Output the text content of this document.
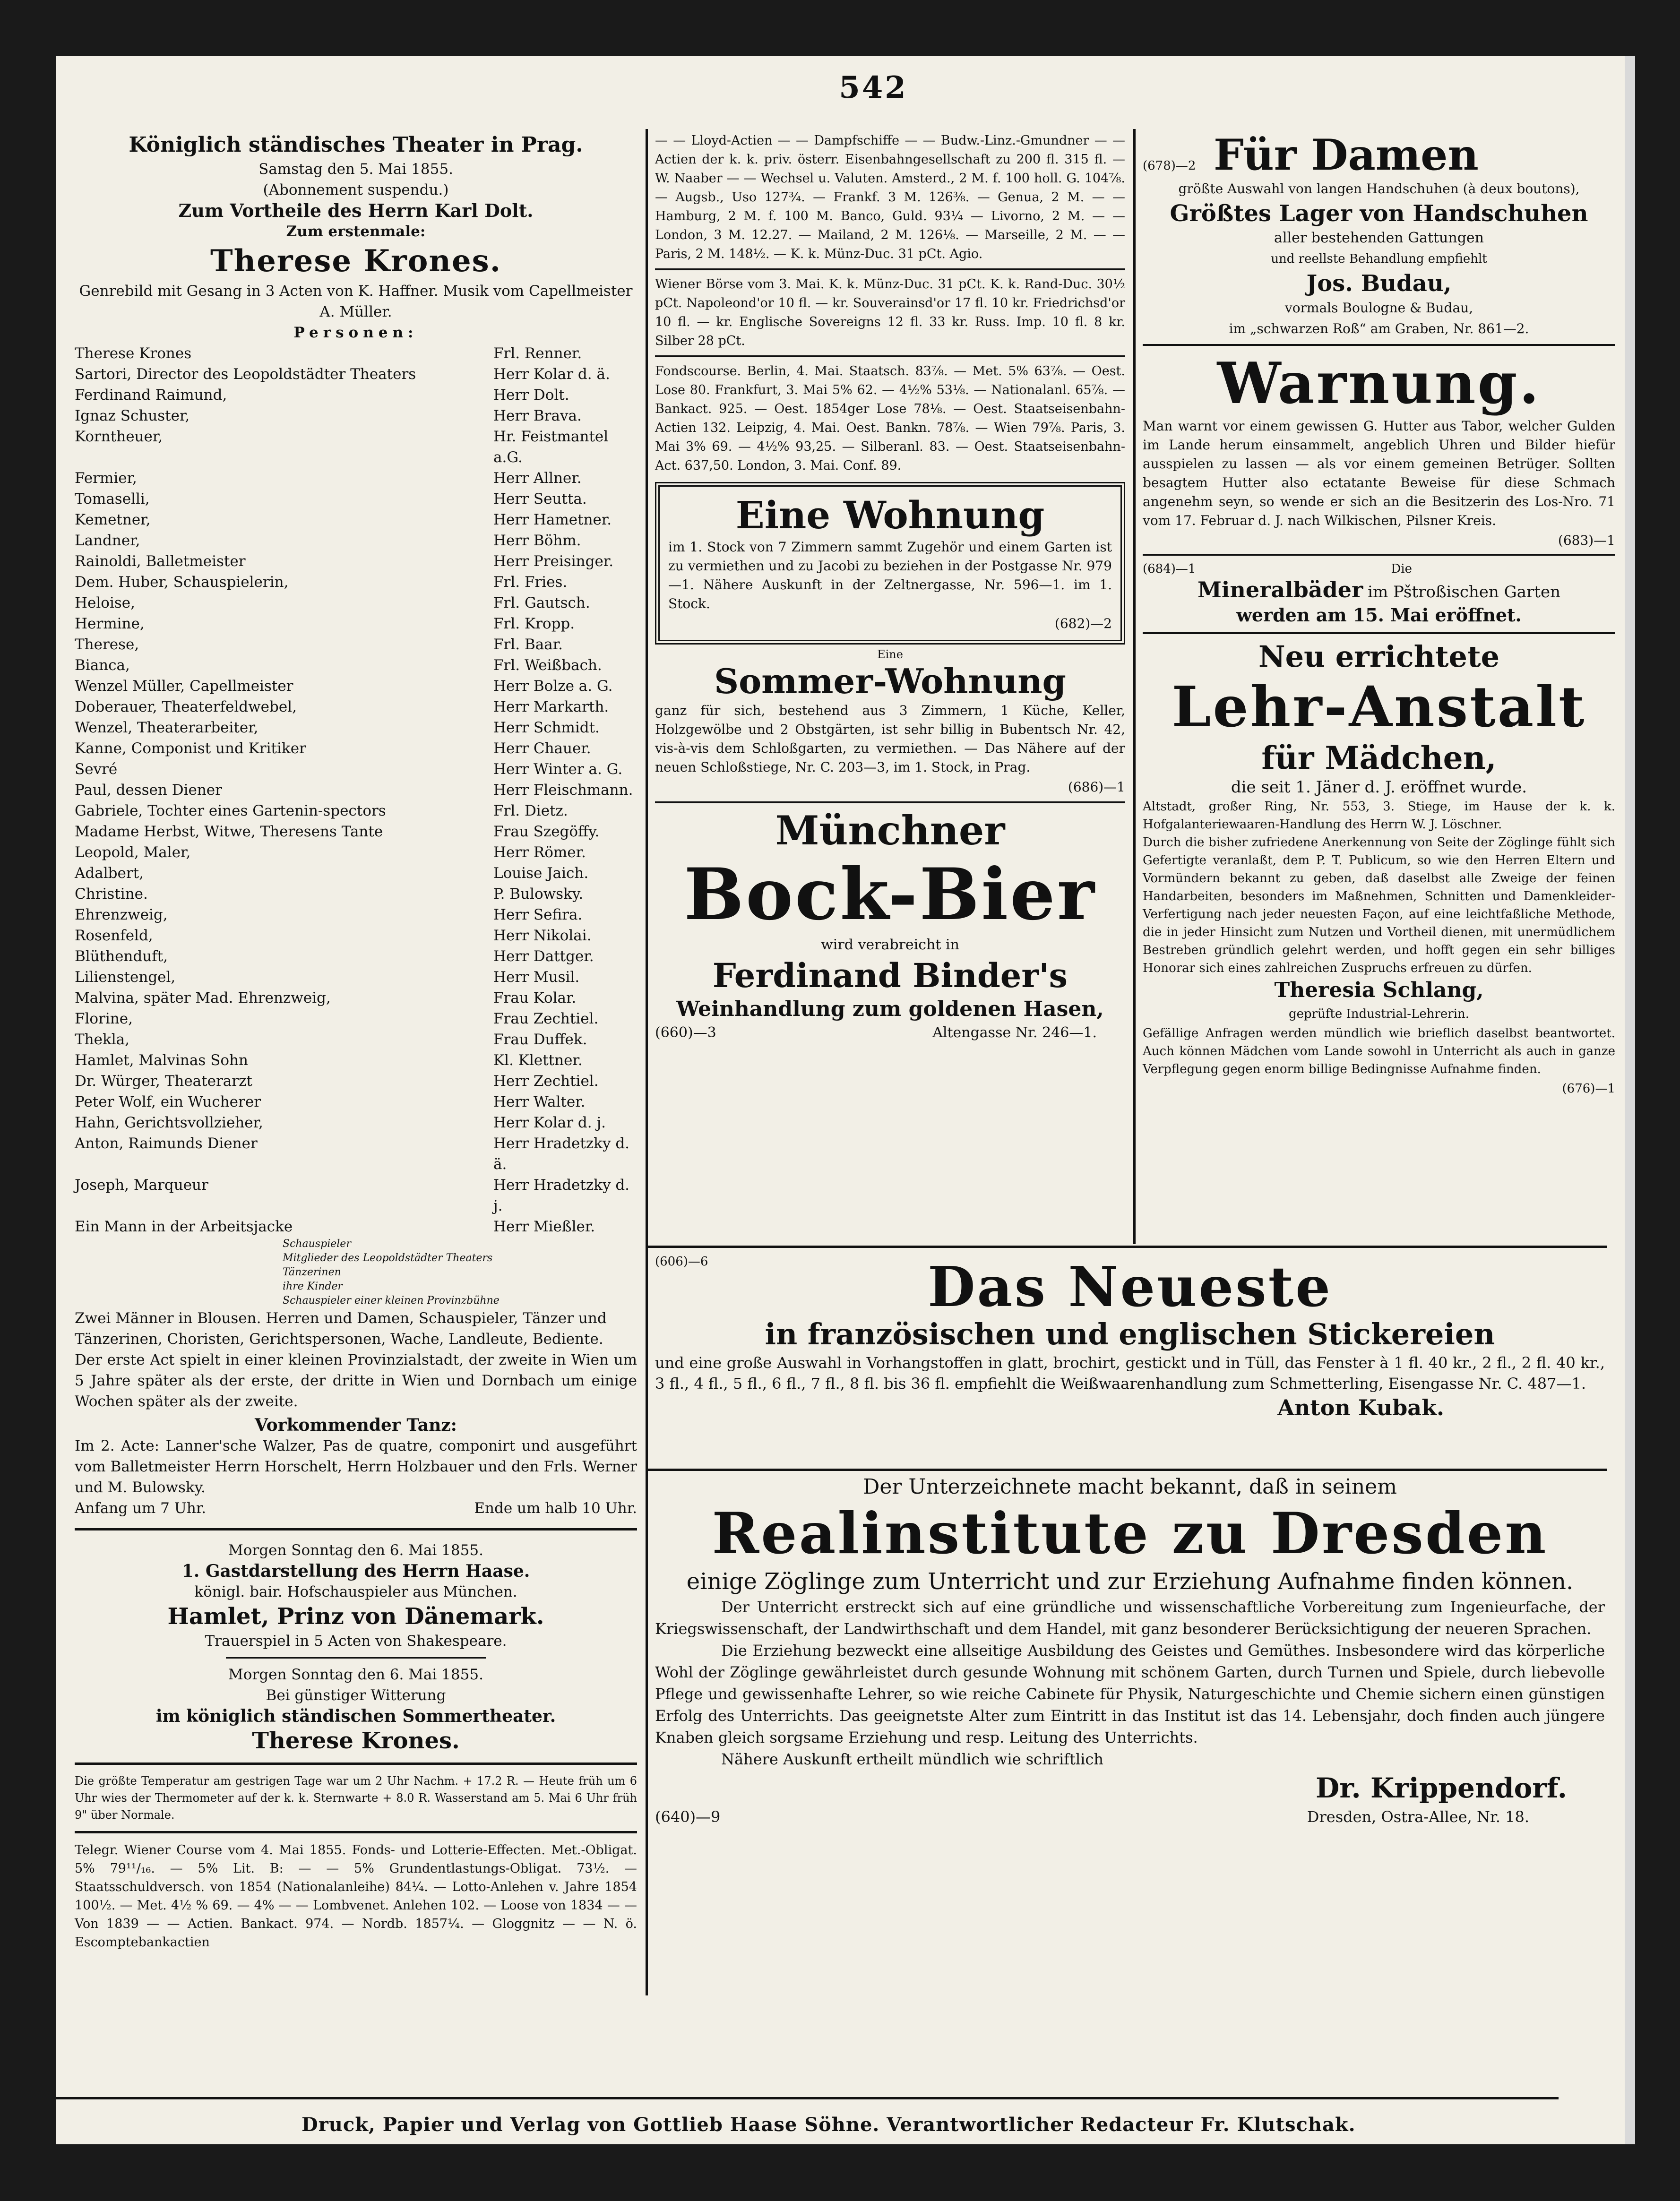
542
Königlich ständisches Theater in Prag.
Samstag den 5. Mai 1855.
(Abonnement suspendu.)
Zum Vortheile des Herrn Karl Dolt.
Zum erstenmale:
Therese Krones.
Genrebild mit Gesang in 3 Acten von K. Haffner. Musik vom Capellmeister A. Müller.
Personen:
Therese Krones	Frl. Renner.
Sartori, Director des Leopoldstädter Theaters	Herr Kolar d. ä.
Ferdinand Raimund,	Herr Dolt.
Ignaz Schuster,	Herr Brava.
Korntheuer,	Hr. Feistmantel a.G.
Fermier,	Herr Allner.
Tomaselli,	Herr Seutta.
Kemetner,	Herr Hametner.
Landner,	Herr Böhm.
Rainoldi, Balletmeister	Herr Preisinger.
Dem. Huber, Schauspielerin,	Frl. Fries.
Heloise,	Frl. Gautsch.
Hermine,	Frl. Kropp.
Therese,	Frl. Baar.
Bianca,	Frl. Weißbach.
Wenzel Müller, Capellmeister	Herr Bolze a. G.
Doberauer, Theaterfeldwebel,	Herr Markarth.
Wenzel, Theaterarbeiter,	Herr Schmidt.
Kanne, Componist und Kritiker	Herr Chauer.
Sevré	Herr Winter a. G.
Paul, dessen Diener	Herr Fleischmann.
Gabriele, Tochter eines Gartenin-spectors	Frl. Dietz.
Madame Herbst, Witwe, Theresens Tante	Frau Szegöffy.
Leopold, Maler,	Herr Römer.
Adalbert,	Louise Jaich.
Christine.	P. Bulowsky.
Ehrenzweig,	Herr Sefira.
Rosenfeld,	Herr Nikolai.
Blüthenduft,	Herr Dattger.
Lilienstengel,	Herr Musil.
Malvina, später Mad. Ehrenzweig,	Frau Kolar.
Florine,	Frau Zechtiel.
Thekla,	Frau Duffek.
Hamlet, Malvinas Sohn	Kl. Klettner.
Dr. Würger, Theaterarzt	Herr Zechtiel.
Peter Wolf, ein Wucherer	Herr Walter.
Hahn, Gerichtsvollzieher,	Herr Kolar d. j.
Anton, Raimunds Diener	Herr Hradetzky d. ä.
Joseph, Marqueur	Herr Hradetzky d. j.
Ein Mann in der Arbeitsjacke	Herr Mießler.
Schauspieler
Mitglieder des Leopoldstädter Theaters
Tänzerinen
ihre Kinder
Schauspieler einer kleinen Provinzbühne
Zwei Männer in Blousen. Herren und Damen, Schauspieler, Tänzer und Tänzerinen, Choristen, Gerichtspersonen, Wache, Landleute, Bediente.
Der erste Act spielt in einer kleinen Provinzialstadt, der zweite in Wien um 5 Jahre später als der erste, der dritte in Wien und Dornbach um einige Wochen später als der zweite.
Vorkommender Tanz:
Im 2. Acte: Lanner'sche Walzer, Pas de quatre, componirt und ausgeführt vom Balletmeister Herrn Horschelt, Herrn Holzbauer und den Frls. Werner und M. Bulowsky.
Anfang um 7 Uhr.	Ende um halb 10 Uhr.
Morgen Sonntag den 6. Mai 1855.
1. Gastdarstellung des Herrn Haase.
königl. bair. Hofschauspieler aus München.
Hamlet, Prinz von Dänemark.
Trauerspiel in 5 Acten von Shakespeare.
Morgen Sonntag den 6. Mai 1855.
Bei günstiger Witterung
im königlich ständischen Sommertheater.
Therese Krones.
Die größte Temperatur am gestrigen Tage war um 2 Uhr Nachm. + 17.2 R. — Heute früh um 6 Uhr wies der Thermometer auf der k. k. Sternwarte + 8.0 R. Wasserstand am 5. Mai 6 Uhr früh 9" über Normale.
Telegr. Wiener Course vom 4. Mai 1855. Fonds- und Lotterie-Effecten. Met.-Obligat. 5% 79¹¹/₁₆. — 5% Lit. B: — — 5% Grundentlastungs-Obligat. 73½. — Staatsschuldversch. von 1854 (Nationalanleihe) 84¼. — Lotto-Anlehen v. Jahre 1854 100½. — Met. 4½ % 69. — 4% — — Lombvenet. Anlehen 102. — Loose von 1834 — — Von 1839 — — Actien. Bankact. 974. — Nordb. 1857¼. — Gloggnitz — — N. ö. Escomptebankactien
— — Lloyd-Actien — — Dampfschiffe — — Budw.-Linz.-Gmundner — — Actien der k. k. priv. österr. Eisenbahngesellschaft zu 200 fl. 315 fl. — W. Naaber — — Wechsel u. Valuten. Amsterd., 2 M. f. 100 holl. G. 104⅞. — Augsb., Uso 127¾. — Frankf. 3 M. 126⅜. — Genua, 2 M. — — Hamburg, 2 M. f. 100 M. Banco, Guld. 93¼ — Livorno, 2 M. — — London, 3 M. 12.27. — Mailand, 2 M. 126⅛. — Marseille, 2 M. — — Paris, 2 M. 148½. — K. k. Münz-Duc. 31 pCt. Agio.
Wiener Börse vom 3. Mai. K. k. Münz-Duc. 31 pCt. K. k. Rand-Duc. 30½ pCt. Napoleond'or 10 fl. — kr. Souverainsd'or 17 fl. 10 kr. Friedrichsd'or 10 fl. — kr. Englische Sovereigns 12 fl. 33 kr. Russ. Imp. 10 fl. 8 kr. Silber 28 pCt.
Fondscourse. Berlin, 4. Mai. Staatsch. 83⅞. — Met. 5% 63⅞. — Oest. Lose 80. Frankfurt, 3. Mai 5% 62. — 4½% 53⅛. — Nationalanl. 65⅞. — Bankact. 925. — Oest. 1854ger Lose 78⅛. — Oest. Staatseisenbahn-Actien 132. Leipzig, 4. Mai. Oest. Bankn. 78⅞. — Wien 79⅞. Paris, 3. Mai 3% 69. — 4½% 93,25. — Silberanl. 83. — Oest. Staatseisenbahn-Act. 637,50. London, 3. Mai. Conf. 89.
Eine Wohnung
im 1. Stock von 7 Zimmern sammt Zugehör und einem Garten ist zu vermiethen und zu Jacobi zu beziehen in der Postgasse Nr. 979—1. Nähere Auskunft in der Zeltnergasse, Nr. 596—1. im 1. Stock.
(682)—2
Eine
Sommer-Wohnung
ganz für sich, bestehend aus 3 Zimmern, 1 Küche, Keller, Holzgewölbe und 2 Obstgärten, ist sehr billig in Bubentsch Nr. 42, vis-à-vis dem Schloßgarten, zu vermiethen. — Das Nähere auf der neuen Schloßstiege, Nr. C. 203—3, im 1. Stock, in Prag.
(686)—1
Münchner
Bock-Bier
wird verabreicht in
Ferdinand Binder's
Weinhandlung zum goldenen Hasen,
(660)—3	Altengasse Nr. 246—1.
(678)—2 Für Damen
größte Auswahl von langen Handschuhen (à deux boutons),
Größtes Lager von Handschuhen
aller bestehenden Gattungen
und reellste Behandlung empfiehlt
Jos. Budau,
vormals Boulogne & Budau,
im „schwarzen Roß“ am Graben, Nr. 861—2.
Warnung.
Man warnt vor einem gewissen G. Hutter aus Tabor, welcher Gulden im Lande herum einsammelt, angeblich Uhren und Bilder hiefür ausspielen zu lassen — als vor einem gemeinen Betrüger. Sollten besagtem Hutter also ectatante Beweise für diese Schmach angenehm seyn, so wende er sich an die Besitzerin des Los-Nro. 71 vom 17. Februar d. J. nach Wilkischen, Pilsner Kreis.
(683)—1
(684)—1	Die
Mineralbäder im Pštroßischen Garten
werden am 15. Mai eröffnet.
Neu errichtete
Lehr-Anstalt
für Mädchen,
die seit 1. Jäner d. J. eröffnet wurde.
Altstadt, großer Ring, Nr. 553, 3. Stiege, im Hause der k. k. Hofgalanteriewaaren-Handlung des Herrn W. J. Löschner.
Durch die bisher zufriedene Anerkennung von Seite der Zöglinge fühlt sich Gefertigte veranlaßt, dem P. T. Publicum, so wie den Herren Eltern und Vormündern bekannt zu geben, daß daselbst alle Zweige der feinen Handarbeiten, besonders im Maßnehmen, Schnitten und Damenkleider-Verfertigung nach jeder neuesten Façon, auf eine leichtfaßliche Methode, die in jeder Hinsicht zum Nutzen und Vortheil dienen, mit unermüdlichem Bestreben gründlich gelehrt werden, und hofft gegen ein sehr billiges Honorar sich eines zahlreichen Zuspruchs erfreuen zu dürfen.
Theresia Schlang,
geprüfte Industrial-Lehrerin.
Gefällige Anfragen werden mündlich wie brieflich daselbst beantwortet. Auch können Mädchen vom Lande sowohl in Unterricht als auch in ganze Verpflegung gegen enorm billige Bedingnisse Aufnahme finden.
(676)—1
(606)—6	Das Neueste
in französischen und englischen Stickereien
und eine große Auswahl in Vorhangstoffen in glatt, brochirt, gestickt und in Tüll, das Fenster à 1 fl. 40 kr., 2 fl., 2 fl. 40 kr., 3 fl., 4 fl., 5 fl., 6 fl., 7 fl., 8 fl. bis 36 fl. empfiehlt die Weißwaarenhandlung zum Schmetterling, Eisengasse Nr. C. 487—1.
Anton Kubak.
Der Unterzeichnete macht bekannt, daß in seinem
Realinstitute zu Dresden
einige Zöglinge zum Unterricht und zur Erziehung Aufnahme finden können.
Der Unterricht erstreckt sich auf eine gründliche und wissenschaftliche Vorbereitung zum Ingenieurfache, der Kriegswissenschaft, der Landwirthschaft und dem Handel, mit ganz besonderer Berücksichtigung der neueren Sprachen.
Die Erziehung bezweckt eine allseitige Ausbildung des Geistes und Gemüthes. Insbesondere wird das körperliche Wohl der Zöglinge gewährleistet durch gesunde Wohnung mit schönem Garten, durch Turnen und Spiele, durch liebevolle Pflege und gewissenhafte Lehrer, so wie reiche Cabinete für Physik, Naturgeschichte und Chemie sichern einen günstigen Erfolg des Unterrichts. Das geeignetste Alter zum Eintritt in das Institut ist das 14. Lebensjahr, doch finden auch jüngere Knaben gleich sorgsame Erziehung und resp. Leitung des Unterrichts.
Nähere Auskunft ertheilt mündlich wie schriftlich
Dr. Krippendorf.
(640)—9	Dresden, Ostra-Allee, Nr. 18.
Druck, Papier und Verlag von Gottlieb Haase Söhne. Verantwortlicher Redacteur Fr. Klutschak.
